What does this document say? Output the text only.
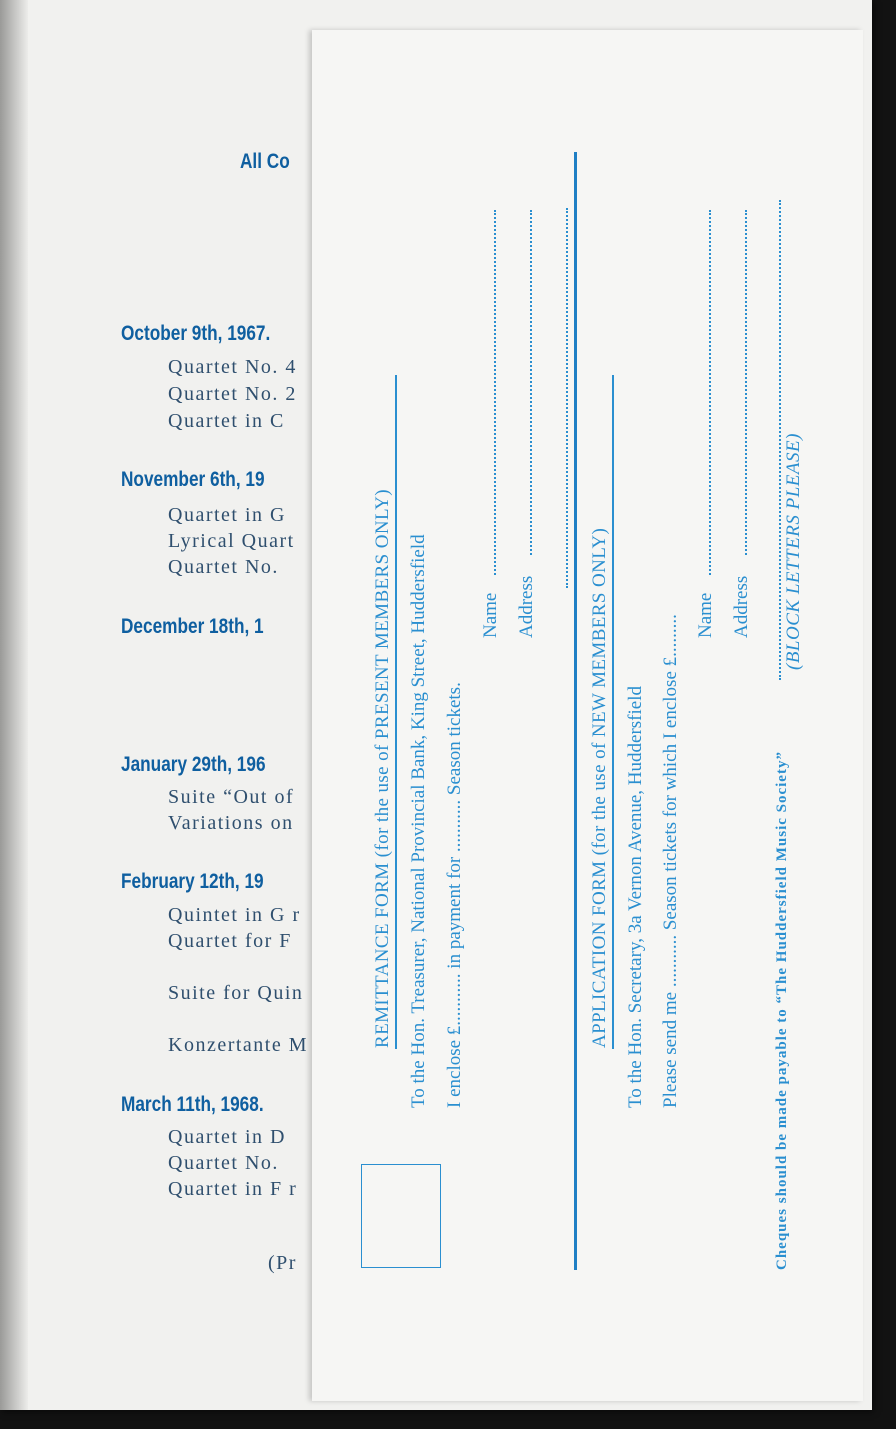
All Co
October 9th, 1967.
Quartet No. 4
Quartet No. 2
Quartet in C
November 6th, 19
Quartet in G
Lyrical Quart
Quartet No.
December 18th, 1
January 29th, 196
Suite “Out of
Variations on
February 12th, 19
Quintet in G r
Quartet for F
Suite for Quin
Konzertante M
March 11th, 1968.
Quartet in D
Quartet No.
Quartet in F r
(Pr
REMITTANCE FORM (for the use of PRESENT MEMBERS ONLY) To the Hon. Treasurer, National Provincial Bank, King Street, Huddersfield I enclose £........... in payment for ........... Season tickets.
Name Address	APPLICATION FORM (for the use of NEW MEMBERS ONLY) To the Hon. Secretary, 3a Vernon Avenue, Huddersfield Please send me ........... Season tickets for which I enclose £......... Name Address
Cheques should be made payable to “The Huddersfield Music Society”
(BLOCK LETTERS PLEASE)
